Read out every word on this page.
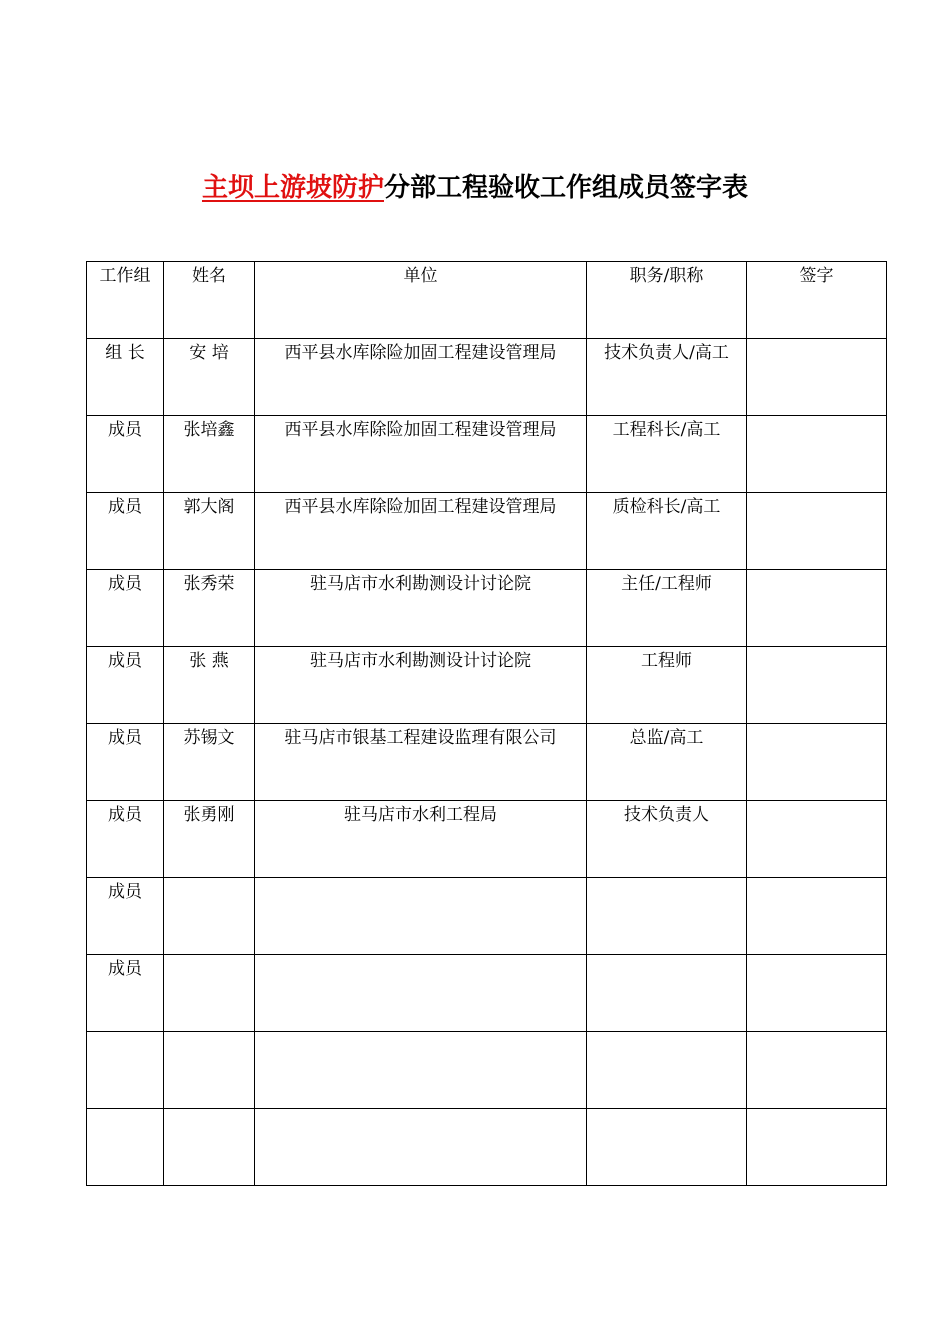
主坝上游坡防护分部工程验收工作组成员签字表
工作组	姓名	单位	职务/职称	签字

组 长	安 培	西平县水库除险加固工程建设管理局	技术负责人/高工	

成员	张培鑫	西平县水库除险加固工程建设管理局	工程科长/高工	

成员	郭大阁	西平县水库除险加固工程建设管理局	质检科长/高工	

成员	张秀荣	驻马店市水利勘测设计讨论院	主任/工程师	

成员	张 燕	驻马店市水利勘测设计讨论院	工程师	

成员	苏锡文	驻马店市银基工程建设监理有限公司	总监/高工	

成员	张勇刚	驻马店市水利工程局	技术负责人	

成员				

成员				
